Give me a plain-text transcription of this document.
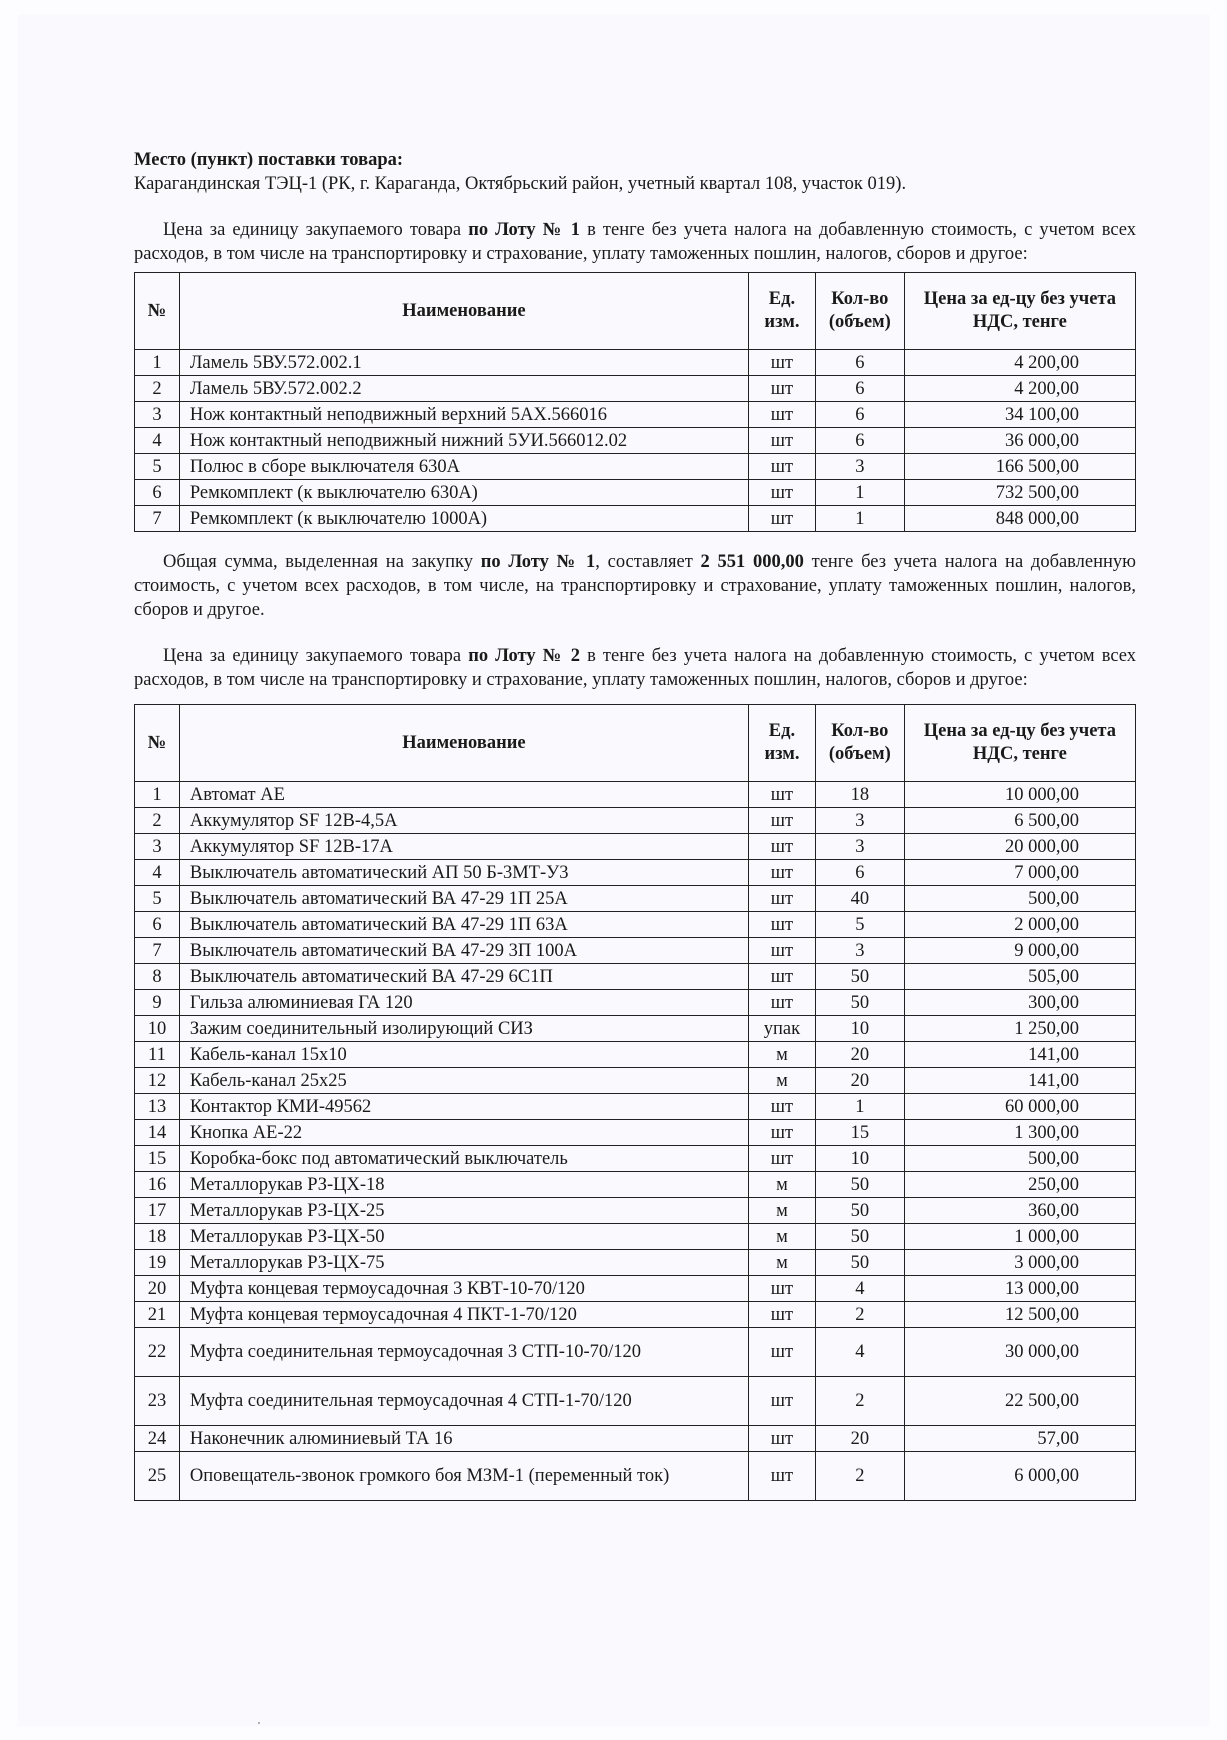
Место (пункт) поставки товара:
Карагандинская ТЭЦ-1 (РК, г. Караганда, Октябрьский район, учетный квартал 108, участок 019).

Цена за единицу закупаемого товара по Лоту № 1 в тенге без учета налога на добавленную стоимость, с учетом всех расходов, в том числе на транспортировку и страхование, уплату таможенных пошлин, налогов, сборов и другое:

№	Наименование	Ед. изм.	Кол-во (объем)	Цена за ед-цу без учета НДС, тенге
1	Ламель 5ВУ.572.002.1	шт	6	4 200,00
2	Ламель 5ВУ.572.002.2	шт	6	4 200,00
3	Нож контактный неподвижный верхний 5АХ.566016	шт	6	34 100,00
4	Нож контактный неподвижный нижний 5УИ.566012.02	шт	6	36 000,00
5	Полюс в сборе выключателя 630А	шт	3	166 500,00
6	Ремкомплект (к выключателю 630А)	шт	1	732 500,00
7	Ремкомплект (к выключателю 1000А)	шт	1	848 000,00

Общая сумма, выделенная на закупку по Лоту № 1, составляет 2 551 000,00 тенге без учета налога на добавленную стоимость, с учетом всех расходов, в том числе, на транспортировку и страхование, уплату таможенных пошлин, налогов, сборов и другое.

Цена за единицу закупаемого товара по Лоту № 2 в тенге без учета налога на добавленную стоимость, с учетом всех расходов, в том числе на транспортировку и страхование, уплату таможенных пошлин, налогов, сборов и другое:

№	Наименование	Ед. изм.	Кол-во (объем)	Цена за ед-цу без учета НДС, тенге
1	Автомат АЕ	шт	18	10 000,00
2	Аккумулятор SF 12В-4,5А	шт	3	6 500,00
3	Аккумулятор SF 12В-17А	шт	3	20 000,00
4	Выключатель автоматический АП 50 Б-3МТ-У3	шт	6	7 000,00
5	Выключатель автоматический ВА 47-29 1П 25А	шт	40	500,00
6	Выключатель автоматический ВА 47-29 1П 63А	шт	5	2 000,00
7	Выключатель автоматический ВА 47-29 3П 100А	шт	3	9 000,00
8	Выключатель автоматический ВА 47-29 6С1П	шт	50	505,00
9	Гильза алюминиевая ГА 120	шт	50	300,00
10	Зажим соединительный изолирующий СИЗ	упак	10	1 250,00
11	Кабель-канал 15х10	м	20	141,00
12	Кабель-канал 25х25	м	20	141,00
13	Контактор КМИ-49562	шт	1	60 000,00
14	Кнопка АЕ-22	шт	15	1 300,00
15	Коробка-бокс под автоматический выключатель	шт	10	500,00
16	Металлорукав РЗ-ЦХ-18	м	50	250,00
17	Металлорукав РЗ-ЦХ-25	м	50	360,00
18	Металлорукав РЗ-ЦХ-50	м	50	1 000,00
19	Металлорукав РЗ-ЦХ-75	м	50	3 000,00
20	Муфта концевая термоусадочная 3 КВТ-10-70/120	шт	4	13 000,00
21	Муфта концевая термоусадочная 4 ПКТ-1-70/120	шт	2	12 500,00
22	Муфта соединительная термоусадочная 3 СТП-10-70/120	шт	4	30 000,00
23	Муфта соединительная термоусадочная 4 СТП-1-70/120	шт	2	22 500,00
24	Наконечник алюминиевый ТА 16	шт	20	57,00
25	Оповещатель-звонок громкого боя МЗМ-1 (переменный ток)	шт	2	6 000,00
